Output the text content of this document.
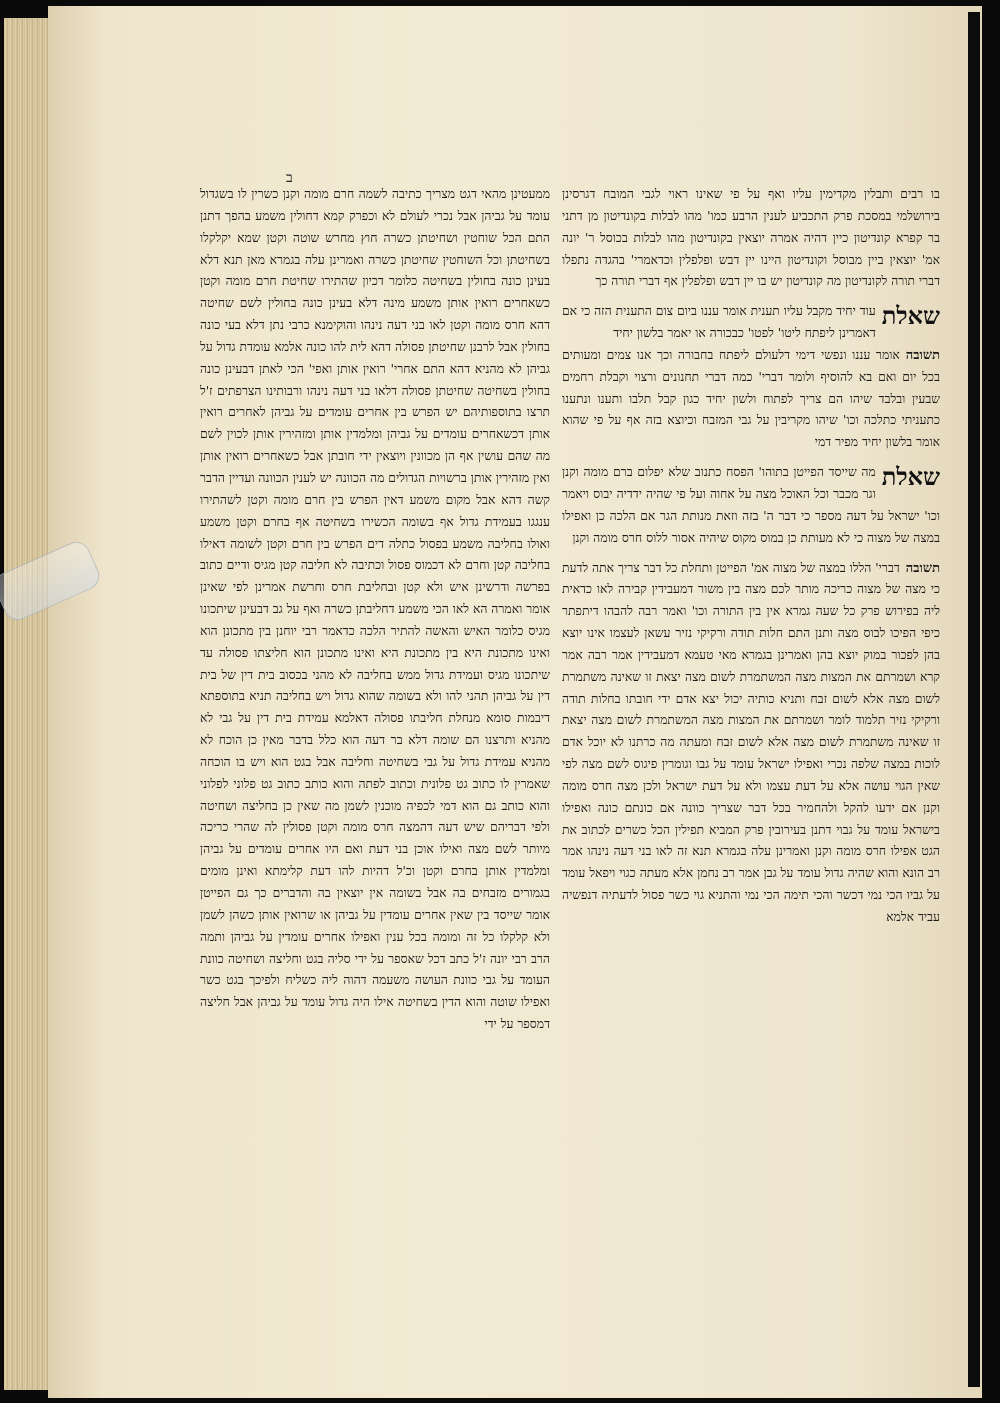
ב

בו רבים ותבלין מקדימין עליו ואף על פי שאינו ראוי לגבי המובח דגרסינן בירושלמי במסכת פרק התכביע לענין הרבע כמו' מהו לבלות בקונדיטון מן דתני בר קפרא קונדיטון כיין דהיה אמרה יוצאין בקונדיטון מהו לבלות בכוסל ר' יונה אמ' יוצאין ביין מבוסל וקונדיטון היינו יין דבש ופלפלין וכדאמרי' בהגדה נתפלו דברי תורה לקונדיטון מה קונדיטון יש בו יין דבש ופלפלין אף דברי תורה כך

שאלת
עוד יחיד מקבל עליו תענית אומר עננו ביום צום התענית הזה כי אם דאמרינן ליפתח ליטו' לפטו' כבכורה או יאמר בלשון יחיד

תשובה
אומר עננו ונפשי דימי דלעולם ליפתח בחבורה וכך אנו צמים ומעותים בכל יום ואם בא להוסיף ולומר דברי' כמה דברי תחנונים ורצוי וקבלת רחמים שבעין ובלבד שיהו הם צריך לפתוח ולשון יחיד כגון קבל תלבו ותענו ונתענו כתעניתי כתלכה וכו' שיהו מקריבין על גבי המזבח וכיוצא בזה אף על פי שהוא אומר בלשון יחיד מפיר דמי

שאלת
מה שייסד הפייטן בתוהו' הפסח כתנוב שלא יפלום ברם מומה וקנן וגר מכבר וכל האוכל מצה על אחוה ועל פי שהיה ידדיה יבוס ויאמר וכו' ישראל על דעה מספר כי דבר ה' בזה וזאת מנותת הגר אם הלכה כן ואפילו במצה של מצוה כי לא מעותת כן במוס מקוס שיהיה אסור ללוס חרס מומה וקנן

תשובה
דברי' הללו במצה של מצוה אמ' הפייטן ותחלת כל דבר צריך אתה לדעת כי מצה של מצוה כריכה מותר לכם מצה בין משור דמעבידין קבירה לאו כדאית ליה בפירוש פרק כל שעה גמרא אין בין התורה וכו' ואמר רבה להבהו דיתפתר כיפי הפיכו לבוס מצה ותנן התם חלות תודה ורקיקי נזיר עשאן לעצמו אינו יוצא בהן לפכור במוק יוצא בהן ואמרינן בגמרא מאי טעמא דמעבידין אמר רבה אמר קרא ושמרתם את המצות מצה המשתמרת לשום מצה יצאת זו שאינה משתמרת לשום מצה אלא לשום זבח ותניא כותיה יכול יצא אדם ידי חובתו בחלות תודה ורקיקי נזיר תלמוד לומר ושמרתם את המצות מצה המשתמרת לשום מצה יצאת זו שאינה משתמרת לשום מצה אלא לשום זבח ומעתה מה כרתנו לא יוכל אדם לוכות במצה שלפה נכרי ואפילו ישראל עומד על גבו וגומרין פיגוס לשם מצה לפי שאין הגוי עושה אלא על דעת עצמו ולא על דעת ישראל ולכן מצה חרס מומה וקנן אם ידעו להקל ולהחמיר בכל דבר שצריך כוונה אם כונתם כונה ואפילו בישראל עומד על גבוי דתנן בעירובין פרק המביא תפילין הכל כשרים לכתוב את הגט אפילו חרס מומה וקנן ואמרינן עלה בגמרא תנא זה לאו בני דעה נינהו אמר רב הונא והוא שהיה גדול עומד על גבן אמר רב נחמן אלא מעתה כגוי ויפאל עומד על גביו הכי נמי דכשר והכי תימה הכי נמי והתניא גוי כשר פסול לדעתיה דנפשיה עביד אלמא

ממעטינן מהאי דגט מצריך כתיבה לשמה חרם מומה וקנן כשרין לו בשגדול עומד על גביהן אבל נכרי לעולם לא וכפרק קמא דחולין משמע בהפך דתנן התם הכל שוחטין ושחיטתן כשרה חוץ מחרש שוטה וקטן שמא יקלקלו בשחיטתן וכל השוחטין שחיטתן כשרה ואמרינן עלה בגמרא מאן תנא דלא בעינן כונה בחולין בשחיטה כלומר דכיון שהתירו שחיטת חרם מומה וקטן כשאחרים רואין אותן משמע מינה דלא בעינן כונה בחולין לשם שחיטה דהא חרס מומה וקטן לאו בני דעה נינהו והוקימנא כרבי נתן דלא בעי כונה בחולין אבל לרבנן שחיטתן פסולה דהא לית להו כונה אלמא עומדת גדול על גביהן לא מהניא דהא התם אחרי' רואין אותן ואפי' הכי לאתן דבעינן כונה בחולין בשחיטה שחיטתן פסולה דלאו בני דעה נינהו ורבותינו הצרפתים ז'ל תרצו בתוספותיהם יש הפרש בין אחרים עומדים על גביהן לאחרים רואין אותן דכשאחרים עומדים על גביהן ומלמדין אותן ומזהירין אותן לכוין לשם מה שהם עושין אף הן מכוונין ויוצאין ידי חובתן אבל כשאחרים רואין אותן ואין מזהירין אותן ברשויות הגדולים מה הכוונה יש לענין הכוונה ועדיין הדבר קשה דהא אבל מקום משמע דאין הפרש בין חרם מומה וקטן לשהתירו ענגגו בעמידת גדול אף בשומה הכשירו בשחיטה אף בחרם וקטן משמע ואולו בחליבה משמע בפסול כתלה דים הפרש בין חרם וקטן לשומה דאילו בחליבה קטן וחרם לא דכמוס פסול וכתיבה לא חליבה קטן מגיס ודיים כתוב בפרשה ודרשינן איש ולא קטן ובחליבת חרס וחרשת אמרינן לפי שאינן אומר ואמרה הא לאו הכי משמע דחליבתן כשרה ואף על גב דבעינן שיתכונו מגיס כלומר האיש והאשה להתיר הלכה כדאמר רבי יוחנן בין מתכונן הוא ואינו מתכונת היא בין מתכונת היא ואינו מתכונן הוא חליצתו פסולה עד שיתכונו מגיס ועמידת גדול ממש בחליבה לא מהני בכסוב בית דין של בית דין על גביהן תהני להו ולא בשומה שהוא גדול ויש בחליבה תניא בתוספתא דיבמות סומא מנחלת חליבתו פסולה דאלמא עמידת בית דין על גבי לא מהניא ותרצנו הם שומה דלא בר דעה הוא כלל בדבר מאין כן הוכח לא מהניא עמידת גדול על גבי בשחיטה וחליבה אבל בגט הוא ויש בו הוכחה שאמרין לו כתוב גט פלונית וכתוב לפתה והוא כותב כתוב גט פלוני לפלוני והוא כותב גם הוא דמי לכפיה מוכנין לשמן מה שאין כן בחליצה ושחיטה ולפי דבריהם שיש דעה דהמצה חרס מומה וקטן פסולין לה שהרי כריכה מיותר לשם מצה ואילו אוכן בני דעת ואם היו אחרים עומדים על גביהן ומלמדין אותן בחרם וקטן וכ'ל דהיות להו דעת קלימתא ואינן מומים בגמורים מזבחים בה אבל בשומה אין יוצאין בה והדברים כך גם הפייטן אומר שייסד בין שאין אחרים עומדין על גביהן או שרואין אותן כשהן לשמן ולא קלקלו כל זה ומומה בכל ענין ואפילו אחרים עומדין על גביהן ותמה הרב רבי יונה ז'ל כתב דכל שאספר על ידי סליה בגט וחליצה ושחיטה כוונת העומד על גבי כוונת העושה משעמה דהוה ליה כשליח ולפיכך בגט כשר ואפילו שוטה והוא הדין בשחיטה אילו היה גדול עומד על גביהן אבל חליצה דמספר על ידי
